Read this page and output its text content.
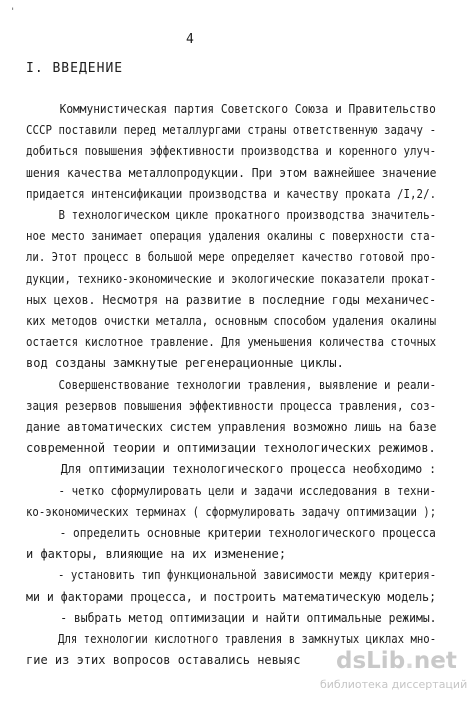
'
4
I. ВВЕДЕНИЕ
Коммунистическая партия Советского Союза и Правительство
СССР поставили перед металлургами страны ответственную задачу -
добиться повышения эффективности производства и коренного улуч-
шения качества металлопродукции. При этом важнейшее значение
придается интенсификации производства и качеству проката /I,2/.
В технологическом цикле прокатного производства значитель-
ное место занимает операция удаления окалины с поверхности ста-
ли. Этот процесс в большой мере определяет качество готовой про-
дукции, технико-экономические и экологические показатели прокат-
ных цехов. Несмотря на развитие в последние годы механичес-
ких методов очистки металла, основным способом удаления окалины
остается кислотное травление. Для уменьшения количества сточных
вод созданы замкнутые регенерационные циклы.
Совершенствование технологии травления, выявление и реали-
зация резервов повышения эффективности процесса травления, соз-
дание автоматических систем управления возможно лишь на базе
современной теории и оптимизации технологических режимов.
Для оптимизации технологического процесса необходимо :
- четко сформулировать цели и задачи исследования в техни-
ко-экономических терминах ( сформулировать задачу оптимизации );
- определить основные критерии технологического процесса
и факторы, влияющие на их изменение;
- установить тип функциональной зависимости между критерия-
ми и факторами процесса, и построить математическую модель;
- выбрать метод оптимизации и найти оптимальные режимы.
Для технологии кислотного травления в замкнутых циклах мно-
гие из этих вопросов оставались невыяс	dsLib.net
библиотека диссертаций
